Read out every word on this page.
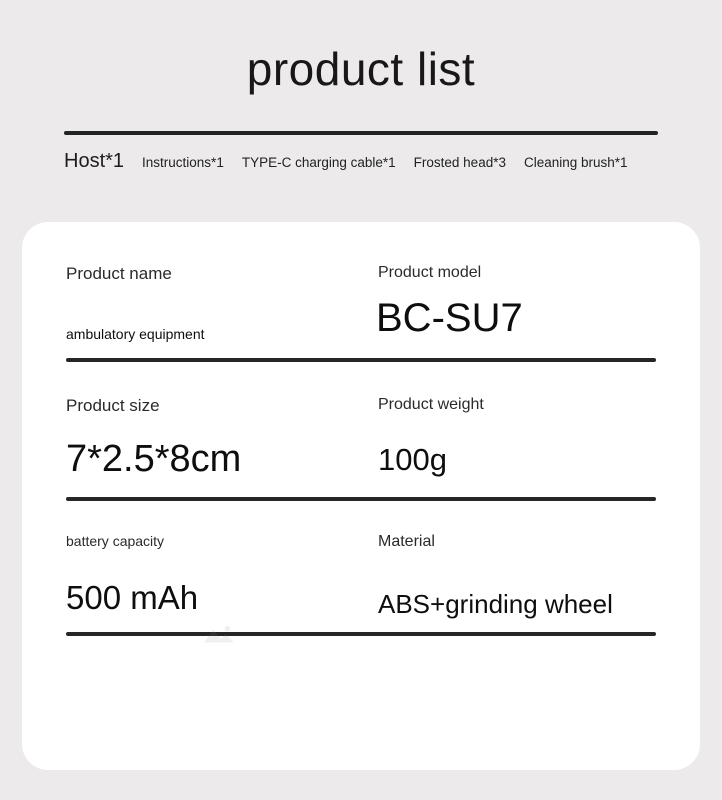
product list
Host*1 Instructions*1 TYPE-C charging cable*1 Frosted head*3 Cleaning brush*1
Product name
ambulatory equipment
Product model
BC-SU7
Product size
7*2.5*8cm
Product weight
100g
battery capacity
500 mAh
Material
ABS+grinding wheel
